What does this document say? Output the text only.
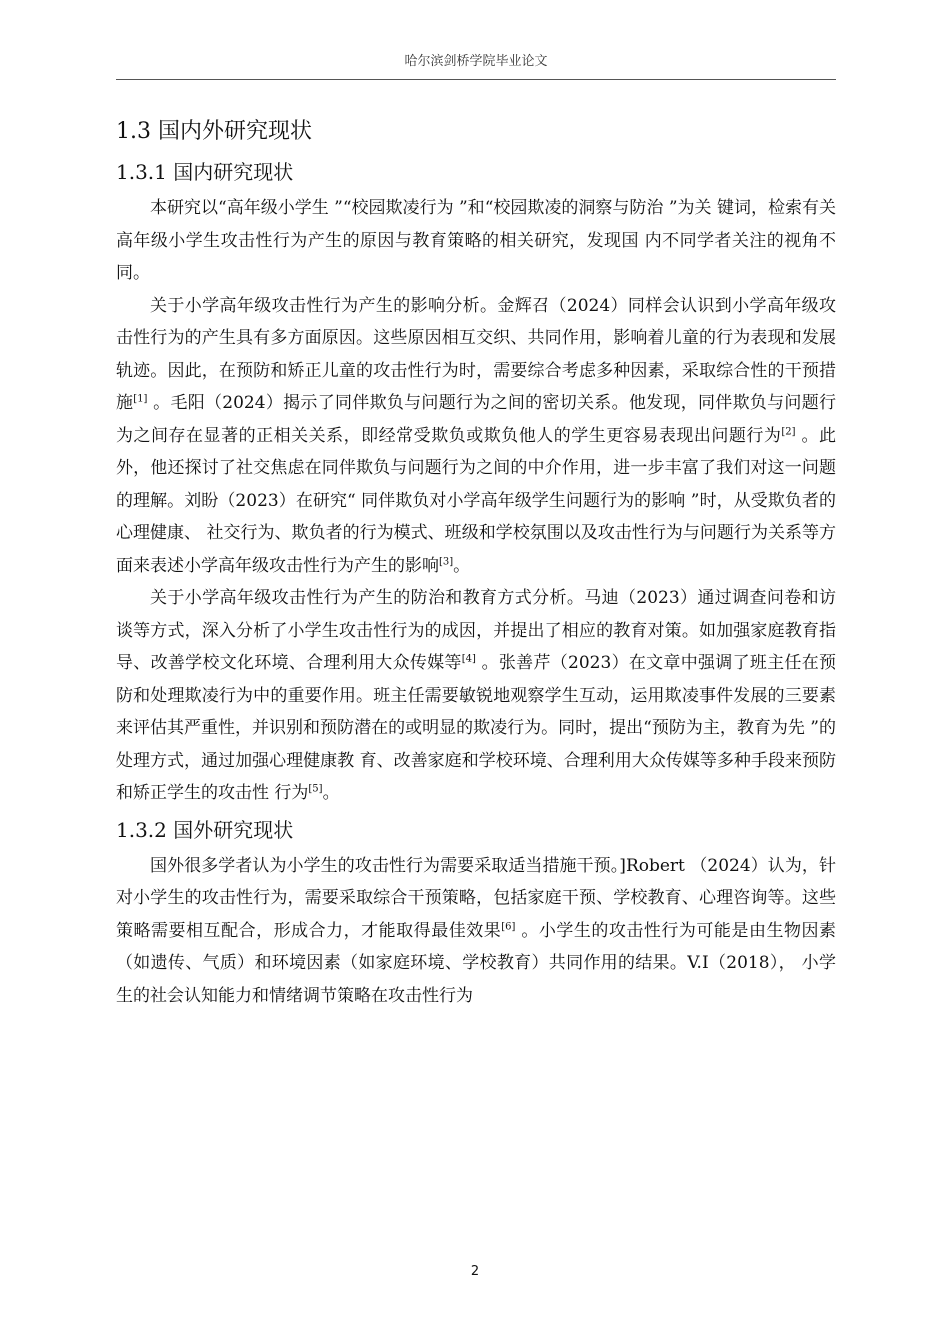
哈尔滨剑桥学院毕业论文
1.3 国内外研究现状
1.3.1 国内研究现状

本研究以“高年级小学生 ”“校园欺凌行为 ”和“校园欺凌的洞察与防治 ”为关 键词，检索有关高年级小学生攻击性行为产生的原因与教育策略的相关研究，发现国 内不同学者关注的视角不同。

关于小学高年级攻击性行为产生的影响分析。金辉召（2024）同样会认识到小学高年级攻击性行为的产生具有多方面原因。这些原因相互交织、共同作用，影响着儿童的行为表现和发展轨迹。因此，在预防和矫正儿童的攻击性行为时，需要综合考虑多种因素，采取综合性的干预措施[1] 。毛阳（2024）揭示了同伴欺负与问题行为之间的密切关系。他发现，同伴欺负与问题行为之间存在显著的正相关关系，即经常受欺负或欺负他人的学生更容易表现出问题行为[2] 。此外，他还探讨了社交焦虑在同伴欺负与问题行为之间的中介作用，进一步丰富了我们对这一问题的理解。刘盼（2023）在研究“ 同伴欺负对小学高年级学生问题行为的影响 ”时，从受欺负者的心理健康、 社交行为、欺负者的行为模式、班级和学校氛围以及攻击性行为与问题行为关系等方 面来表述小学高年级攻击性行为产生的影响[3]。

关于小学高年级攻击性行为产生的防治和教育方式分析。马迪（2023）通过调查问卷和访谈等方式，深入分析了小学生攻击性行为的成因，并提出了相应的教育对策。如加强家庭教育指导、改善学校文化环境、合理利用大众传媒等[4] 。张善芹（2023）在文章中强调了班主任在预防和处理欺凌行为中的重要作用。班主任需要敏锐地观察学生互动，运用欺凌事件发展的三要素来评估其严重性，并识别和预防潜在的或明显的欺凌行为。同时，提出“预防为主，教育为先 ”的处理方式，通过加强心理健康教 育、改善家庭和学校环境、合理利用大众传媒等多种手段来预防和矫正学生的攻击性 行为[5]。

1.3.2 国外研究现状

国外很多学者认为小学生的攻击性行为需要采取适当措施干预。]Robert （2024）认为，针对小学生的攻击性行为，需要采取综合干预策略，包括家庭干预、学校教育、心理咨询等。这些策略需要相互配合，形成合力，才能取得最佳效果[6] 。小学生的攻击性行为可能是由生物因素（如遗传、气质）和环境因素（如家庭环境、学校教育）共同作用的结果。V.I（2018）， 小学生的社会认知能力和情绪调节策略在攻击性行为

2
